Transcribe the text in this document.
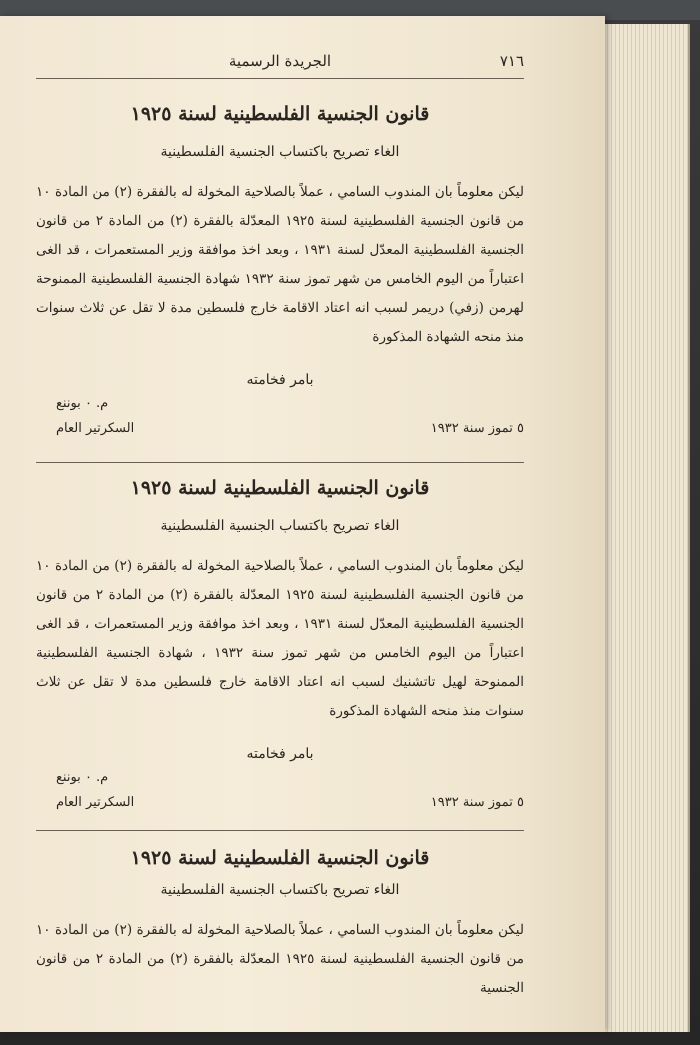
٧١٦
الجريدة الرسمية
قانون الجنسية الفلسطينية لسنة ١٩٢٥

الغاء تصريح باكتساب الجنسية الفلسطينية

ليكن معلوماً بان المندوب السامي ، عملاً بالصلاحية المخولة له بالفقرة (٢) من المادة ١٠ من قانون الجنسية الفلسطينية لسنة ١٩٢٥ المعدّلة بالفقرة (٢) من المادة ٢ من قانون الجنسية الفلسطينية المعدّل لسنة ١٩٣١ ، وبعد اخذ موافقة وزير المستعمرات ، قد الغى اعتباراً من اليوم الخامس من شهر تموز سنة ١٩٣٢ شهادة الجنسية الفلسطينية الممنوحة لهرمن (زفي) دريمر لسبب انه اعتاد الاقامة خارج فلسطين مدة لا تقل عن ثلاث سنوات منذ منحه الشهادة المذكورة

بامر فخامته

٥ تموز سنة ١٩٣٢
م. ٠ بوننع
السكرتير العام
قانون الجنسية الفلسطينية لسنة ١٩٢٥

الغاء تصريح باكتساب الجنسية الفلسطينية

ليكن معلوماً بان المندوب السامي ، عملاً بالصلاحية المخولة له بالفقرة (٢) من المادة ١٠ من قانون الجنسية الفلسطينية لسنة ١٩٢٥ المعدّلة بالفقرة (٢) من المادة ٢ من قانون الجنسية الفلسطينية المعدّل لسنة ١٩٣١ ، وبعد اخذ موافقة وزير المستعمرات ، قد الغى اعتباراً من اليوم الخامس من شهر تموز سنة ١٩٣٢ ، شهادة الجنسية الفلسطينية الممنوحة لهيل تاتشنيك لسبب انه اعتاد الاقامة خارج فلسطين مدة لا تقل عن ثلاث سنوات منذ منحه الشهادة المذكورة

بامر فخامته

٥ تموز سنة ١٩٣٢
م. ٠ بوننع
السكرتير العام
قانون الجنسية الفلسطينية لسنة ١٩٢٥

الغاء تصريح باكتساب الجنسية الفلسطينية

ليكن معلوماً بان المندوب السامي ، عملاً بالصلاحية المخولة له بالفقرة (٢) من المادة ١٠ من قانون الجنسية الفلسطينية لسنة ١٩٢٥ المعدّلة بالفقرة (٢) من المادة ٢ من قانون الجنسية
